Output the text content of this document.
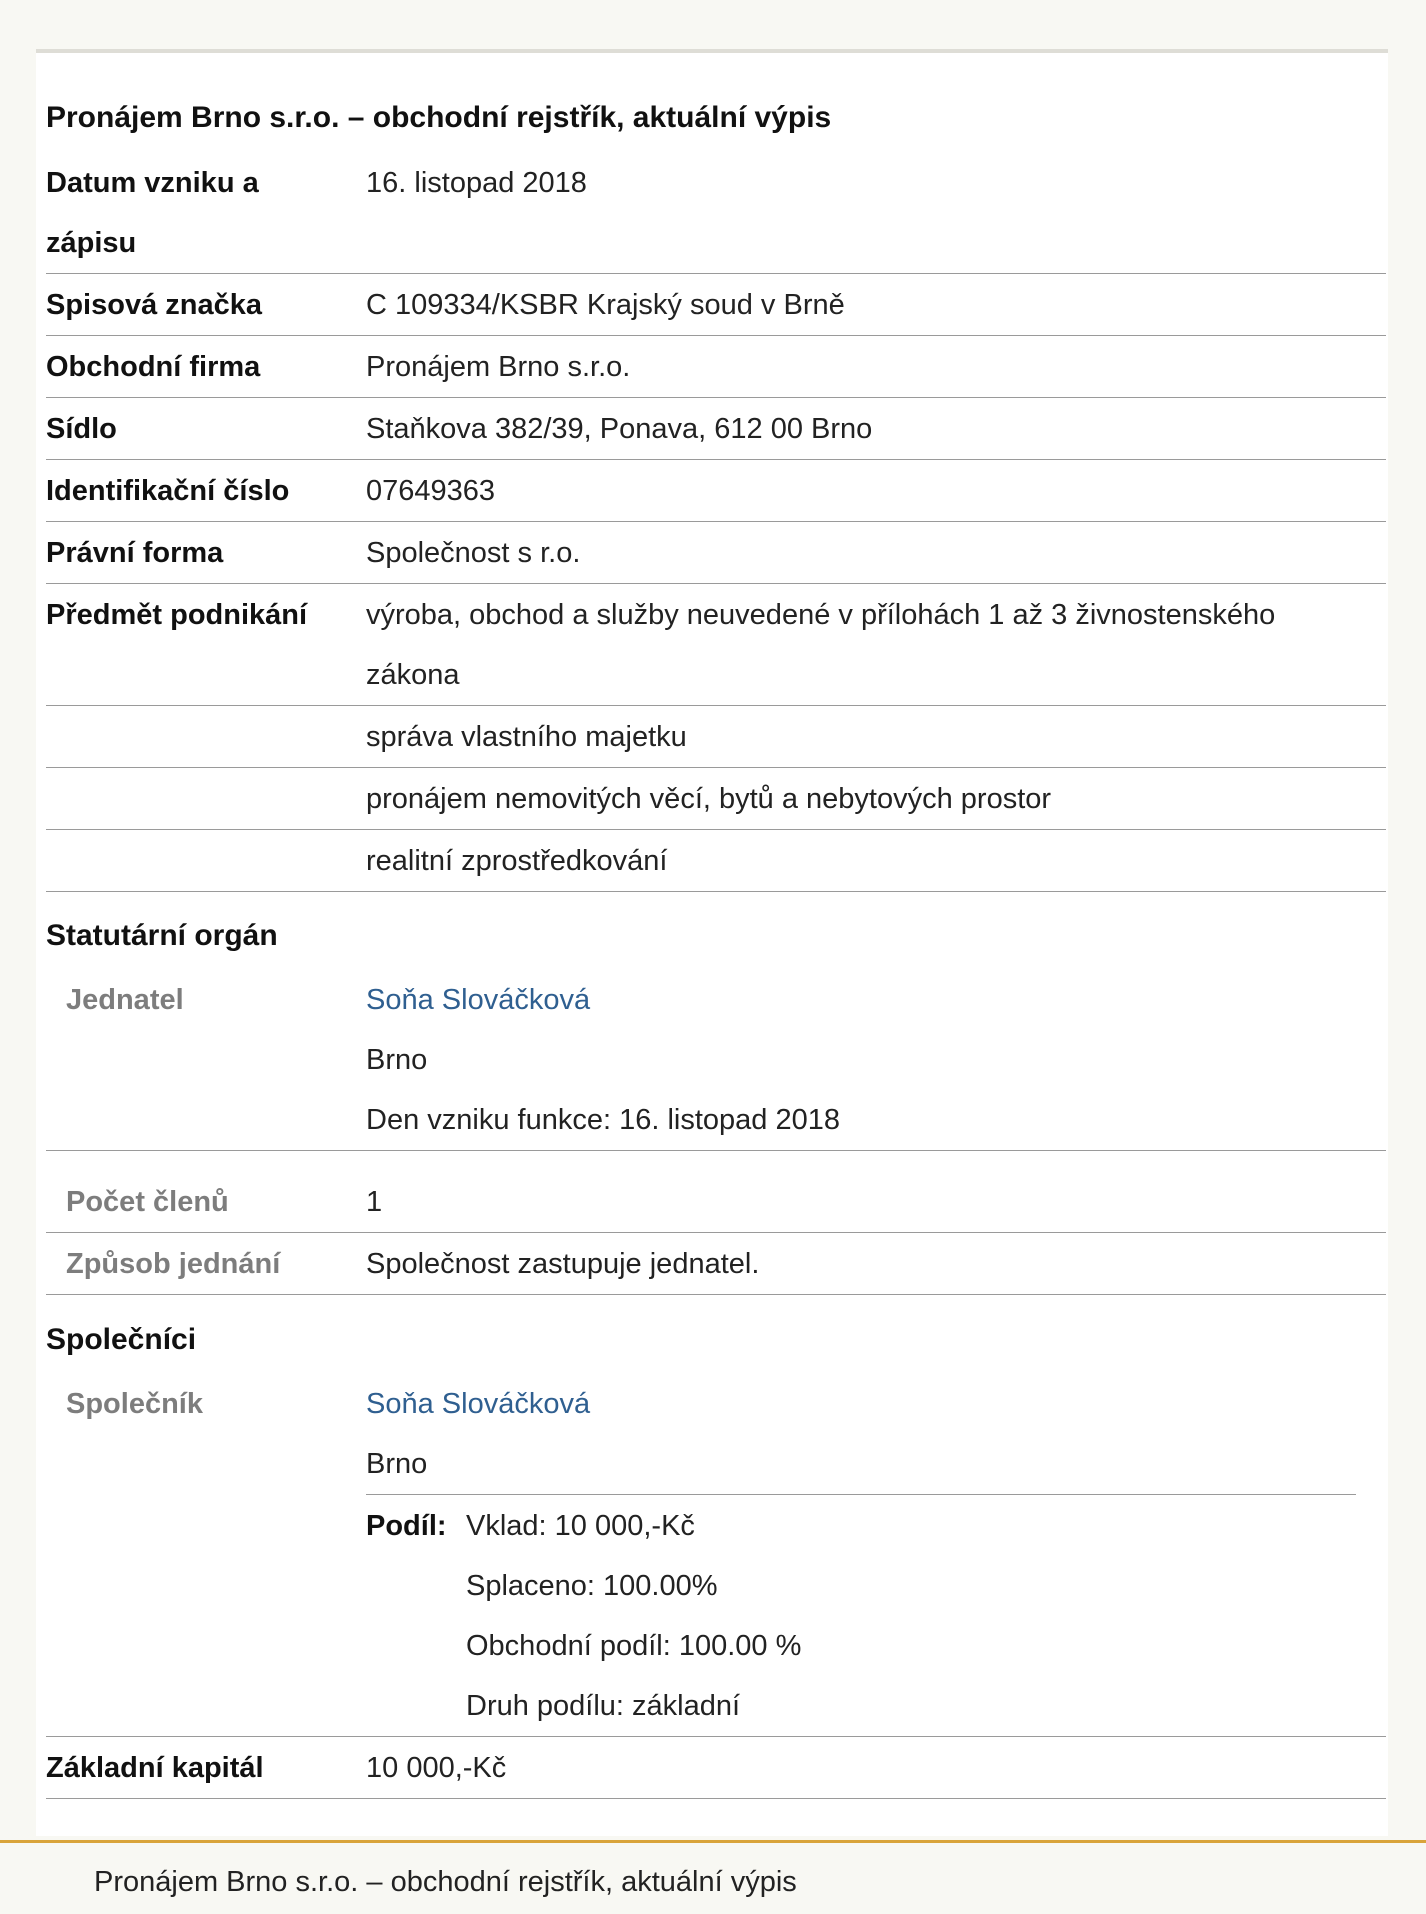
Pronájem Brno s.r.o. – obchodní rejstřík, aktuální výpis
Datum vzniku a
zápisu
16. listopad 2018
Spisová značka	C 109334/KSBR Krajský soud v Brně
Obchodní firma	Pronájem Brno s.r.o.
Sídlo	Staňkova 382/39, Ponava, 612 00 Brno
Identifikační číslo	07649363
Právní forma	Společnost s r.o.
Předmět podnikání	výroba, obchod a služby neuvedené v přílohách 1 až 3 živnostenského
zákona
správa vlastního majetku
pronájem nemovitých věcí, bytů a nebytových prostor
realitní zprostředkování
Statutární orgán
Jednatel	Soňa Slováčková
Brno
Den vzniku funkce: 16. listopad 2018
Počet členů	1
Způsob jednání	Společnost zastupuje jednatel.
Společníci
Společník	Soňa Slováčková
Brno
Podíl: Vklad: 10 000,-Kč
Splaceno: 100.00%
Obchodní podíl: 100.00 %
Druh podílu: základní
Základní kapitál	10 000,-Kč
Pronájem Brno s.r.o. – obchodní rejstřík, aktuální výpis
